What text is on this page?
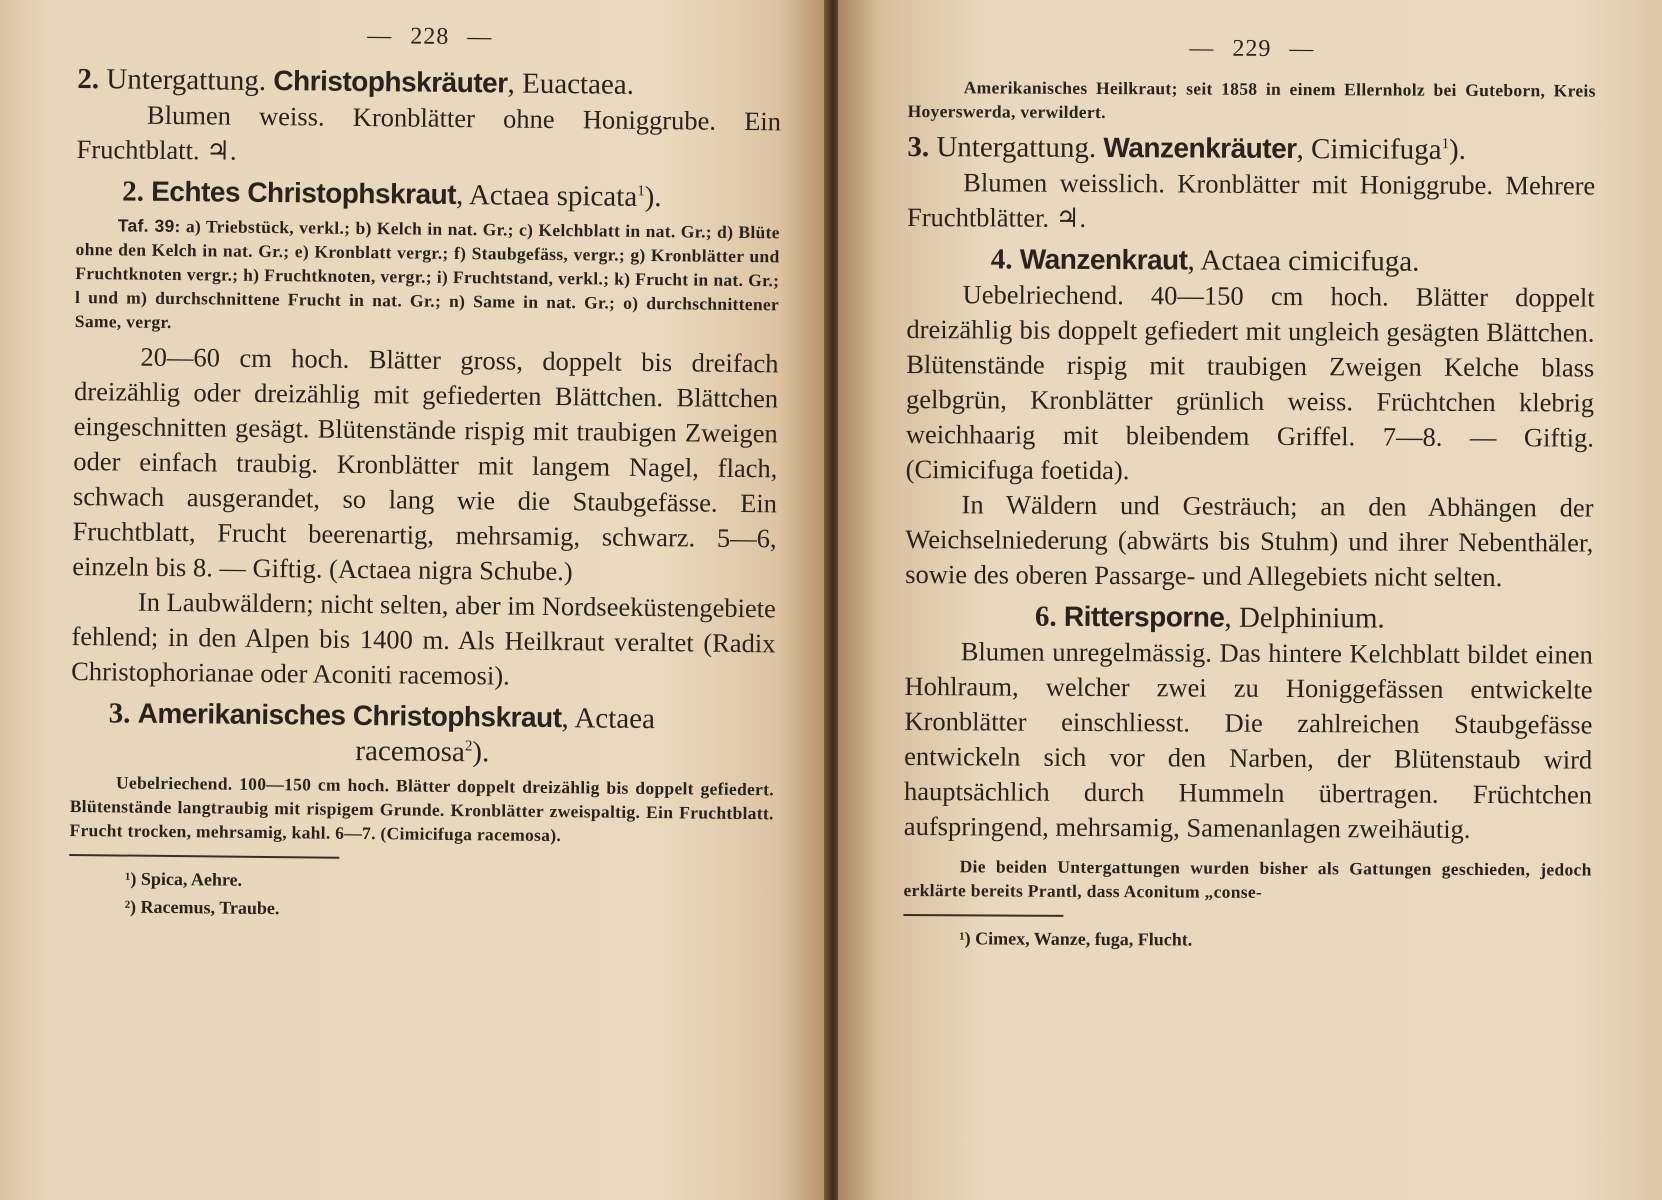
— 228 —

2. Untergattung. Christophskräuter, Euactaea.

Blumen weiss. Kronblätter ohne Honiggrube. Ein Fruchtblatt. ♃.

2. Echtes Christophskraut, Actaea spicata$^1$).

Taf. 39: a) Triebstück, verkl.; b) Kelch in nat. Gr.; c) Kelchblatt in nat. Gr.; d) Blüte ohne den Kelch in nat. Gr.; e) Kronblatt vergr.; f) Staubgefäss, vergr.; g) Kronblätter und Fruchtknoten vergr.; h) Fruchtknoten, vergr.; i) Fruchtstand, verkl.; k) Frucht in nat. Gr.; l und m) durchschnittene Frucht in nat. Gr.; n) Same in nat. Gr.; o) durchschnittener Same, vergr.

20—60 cm hoch. Blätter gross, doppelt bis dreifach dreizählig oder dreizählig mit gefiederten Blättchen. Blättchen eingeschnitten gesägt. Blütenstände rispig mit traubigen Zweigen oder einfach traubig. Kronblätter mit langem Nagel, flach, schwach ausgerandet, so lang wie die Staubgefässe. Ein Fruchtblatt, Frucht beerenartig, mehrsamig, schwarz. 5—6, einzeln bis 8. — Giftig. (Actaea nigra Schube.)

In Laubwäldern; nicht selten, aber im Nordseeküstengebiete fehlend; in den Alpen bis 1400 m. Als Heilkraut veraltet (Radix Christophorianae oder Aconiti racemosi).

3. Amerikanisches Christophskraut, Actaea

racemosa$^2$).

Uebelriechend. 100—150 cm hoch. Blätter doppelt dreizählig bis doppelt gefiedert. Blütenstände langtraubig mit rispigem Grunde. Kronblätter zweispaltig. Ein Fruchtblatt. Frucht trocken, mehrsamig, kahl. 6—7. (Cimicifuga racemosa).

¹) Spica, Aehre.

²) Racemus, Traube.

— 229 —

Amerikanisches Heilkraut; seit 1858 in einem Ellernholz bei Guteborn, Kreis Hoyerswerda, verwildert.

3. Untergattung. Wanzenkräuter, Cimicifuga$^1$).

Blumen weisslich. Kronblätter mit Honiggrube. Mehrere Fruchtblätter. ♃.

4. Wanzenkraut, Actaea cimicifuga.

Uebelriechend. 40—150 cm hoch. Blätter doppelt dreizählig bis doppelt gefiedert mit ungleich gesägten Blättchen. Blütenstände rispig mit traubigen Zweigen Kelche blass gelbgrün, Kronblätter grünlich weiss. Früchtchen klebrig weichhaarig mit bleibendem Griffel. 7—8. — Giftig. (Cimicifuga foetida).

In Wäldern und Gesträuch; an den Abhängen der Weichselniederung (abwärts bis Stuhm) und ihrer Nebenthäler, sowie des oberen Passarge- und Allegebiets nicht selten.

6. Rittersporne, Delphinium.

Blumen unregelmässig. Das hintere Kelchblatt bildet einen Hohlraum, welcher zwei zu Honiggefässen entwickelte Kronblätter einschliesst. Die zahlreichen Staubgefässe entwickeln sich vor den Narben, der Blütenstaub wird hauptsächlich durch Hummeln übertragen. Früchtchen aufspringend, mehrsamig, Samenanlagen zweihäutig.

Die beiden Untergattungen wurden bisher als Gattungen geschieden, jedoch erklärte bereits Prantl, dass Aconitum „conse-

¹) Cimex, Wanze, fuga, Flucht.
